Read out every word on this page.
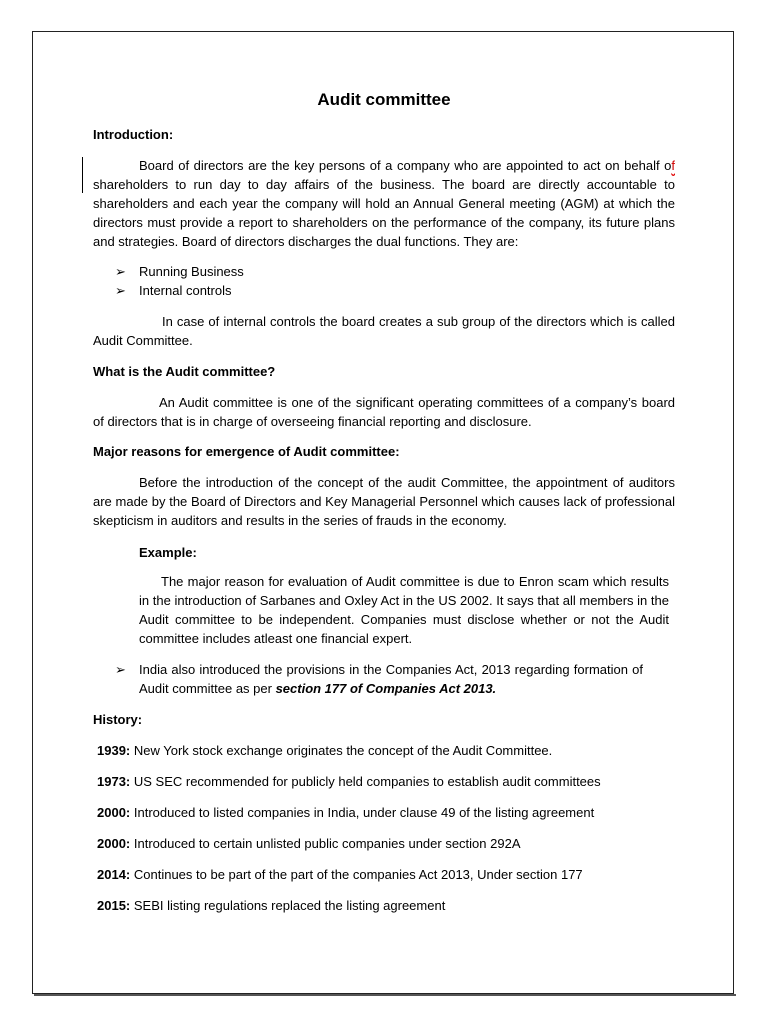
Audit committee
Introduction:
Board of directors are the key persons of a company who are appointed to act on behalf of
shareholders to run day to day affairs of the business. The board are directly accountable to
shareholders and each year the company will hold an Annual General meeting (AGM) at which the
directors must provide a report to shareholders on the performance of the company, its future plans
and strategies. Board of directors discharges the dual functions. They are:
➢ Running Business
➢ Internal controls
In case of internal controls the board creates a sub group of the directors which is called
Audit Committee.
What is the Audit committee?
An Audit committee is one of the significant operating committees of a company’s board
of directors that is in charge of overseeing financial reporting and disclosure.
Major reasons for emergence of Audit committee:
Before the introduction of the concept of the audit Committee, the appointment of auditors
are made by the Board of Directors and Key Managerial Personnel which causes lack of professional
skepticism in auditors and results in the series of frauds in the economy.
Example:
The major reason for evaluation of Audit committee is due to Enron scam which results
in the introduction of Sarbanes and Oxley Act in the US 2002. It says that all members in the
Audit committee to be independent. Companies must disclose whether or not the Audit
committee includes atleast one financial expert.
➢ India also introduced the provisions in the Companies Act, 2013 regarding formation of
Audit committee as per section 177 of Companies Act 2013.
History:
1939: New York stock exchange originates the concept of the Audit Committee.
1973: US SEC recommended for publicly held companies to establish audit committees
2000: Introduced to listed companies in India, under clause 49 of the listing agreement
2000: Introduced to certain unlisted public companies under section 292A
2014: Continues to be part of the part of the companies Act 2013, Under section 177
2015: SEBI listing regulations replaced the listing agreement
